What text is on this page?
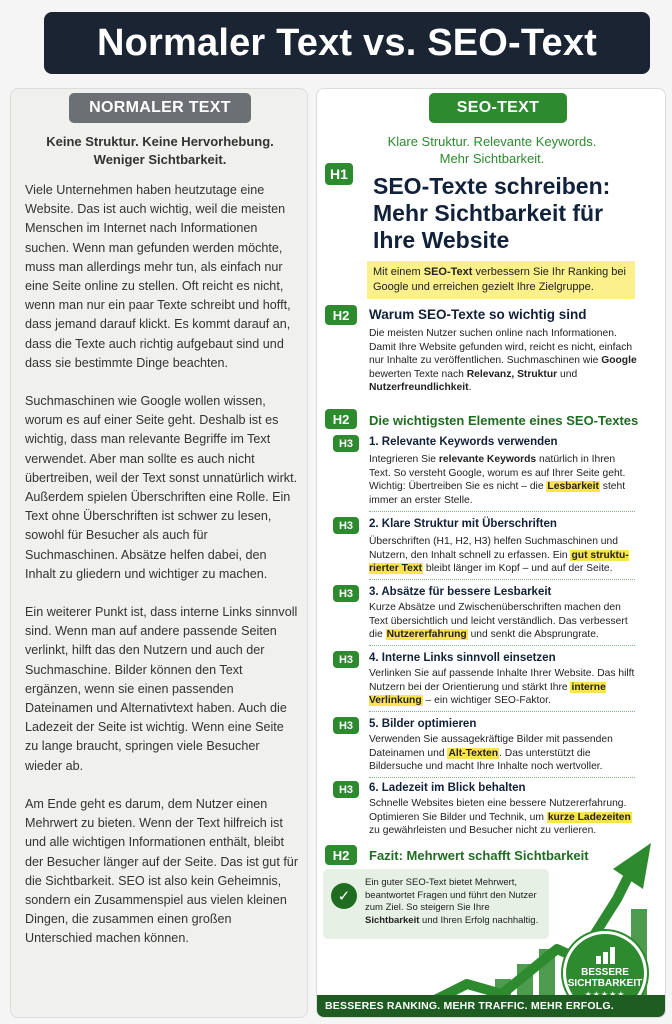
Normaler Text vs. SEO-Text
NORMALER TEXT
Keine Struktur. Keine Hervorhebung.
Weniger Sichtbarkeit.

Viele Unternehmen haben heutzutage eine Website. Das ist auch wichtig, weil die meisten Menschen im Internet nach Informationen suchen. Wenn man gefunden werden möchte, muss man allerdings mehr tun, als einfach nur eine Seite online zu stellen. Oft reicht es nicht, wenn man nur ein paar Texte schreibt und hofft, dass jemand darauf klickt. Es kommt darauf an, dass die Texte auch richtig aufgebaut sind und dass sie bestimmte Dinge beachten.

Suchmaschinen wie Google wollen wissen, worum es auf einer Seite geht. Deshalb ist es wichtig, dass man relevante Begriffe im Text verwendet. Aber man sollte es auch nicht übertreiben, weil der Text sonst unnatürlich wirkt. Außerdem spielen Überschriften eine Rolle. Ein Text ohne Überschriften ist schwer zu lesen, sowohl für Besucher als auch für Suchmaschinen. Absätze helfen dabei, den Inhalt zu gliedern und wichtiger zu machen.

Ein weiterer Punkt ist, dass interne Links sinnvoll sind. Wenn man auf andere passende Seiten verlinkt, hilft das den Nutzern und auch der Suchmaschine. Bilder können den Text ergänzen, wenn sie einen passenden Dateinamen und Alternativtext haben. Auch die Ladezeit der Seite ist wichtig. Wenn eine Seite zu lange braucht, springen viele Besucher wieder ab.

Am Ende geht es darum, dem Nutzer einen Mehrwert zu bieten. Wenn der Text hilfreich ist und alle wichtigen Informationen enthält, bleibt der Besucher länger auf der Seite. Das ist gut für die Sichtbarkeit. SEO ist also kein Geheimnis, sondern ein Zusammenspiel aus vielen kleinen Dingen, die zusammen einen großen Unterschied machen können.

SEO-TEXT
Klare Struktur. Relevante Keywords.
Mehr Sichtbarkeit.
H1 SEO-Texte schreiben:
Mehr Sichtbarkeit für
Ihre Website
Mit einem SEO-Text verbessern Sie Ihr Ranking bei Google und erreichen gezielt Ihre Zielgruppe.
H2	Warum SEO-Texte so wichtig sind
Die meisten Nutzer suchen online nach Informationen. Damit Ihre Website gefunden wird, reicht es nicht, einfach nur Inhalte zu veröffentlichen. Suchmaschinen wie Google bewerten Texte nach Relevanz, Struktur und Nutzerfreundlichkeit.
H2	Die wichtigsten Elemente eines SEO-Textes
H3	1. Relevante Keywords verwenden
Integrieren Sie relevante Keywords natürlich in Ihren Text. So versteht Google, worum es auf Ihrer Seite geht. Wichtig: Übertreiben Sie es nicht – die Lesbarkeit steht immer an erster Stelle.
H3	2. Klare Struktur mit Überschriften
Überschriften (H1, H2, H3) helfen Suchmaschinen und Nutzern, den Inhalt schnell zu erfassen. Ein gut struktu-rierter Text bleibt länger im Kopf – und auf der Seite.
H3	3. Absätze für bessere Lesbarkeit
Kurze Absätze und Zwischenüberschriften machen den Text übersichtlich und leicht verständlich. Das verbessert die Nutzererfahrung und senkt die Absprungrate.
H3	4. Interne Links sinnvoll einsetzen
Verlinken Sie auf passende Inhalte Ihrer Website. Das hilft Nutzern bei der Orientierung und stärkt Ihre interne Verlinkung – ein wichtiger SEO-Faktor.
H3	5. Bilder optimieren
Verwenden Sie aussagekräftige Bilder mit passenden Dateinamen und Alt-Texten. Das unterstützt die Bildersuche und macht Ihre Inhalte noch wertvoller.
H3	6. Ladezeit im Blick behalten
Schnelle Websites bieten eine bessere Nutzererfahrung. Optimieren Sie Bilder und Technik, um kurze Ladezeiten zu gewährleisten und Besucher nicht zu verlieren.
H2	Fazit: Mehrwert schafft Sichtbarkeit
✓
Ein guter SEO-Text bietet Mehrwert, beantwortet Fragen und führt den Nutzer zum Ziel. So steigern Sie Ihre Sichtbarkeit und Ihren Erfolg nachhaltig.
BESSERE
SICHTBARKEIT
BESSERES RANKING. MEHR TRAFFIC. MEHR ERFOLG.
